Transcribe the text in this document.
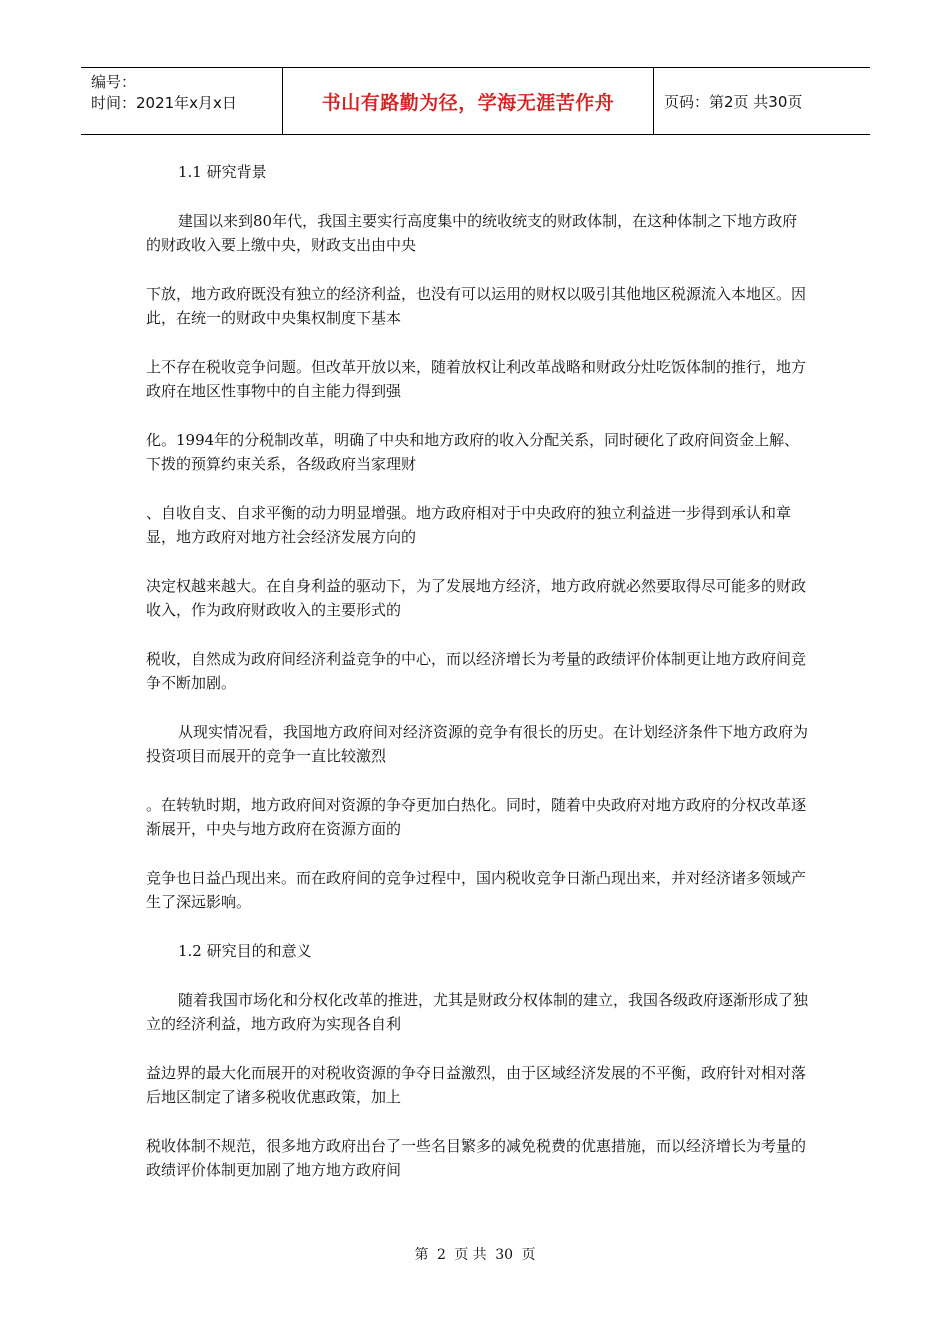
编号：
时间：2021年x月x日	书山有路勤为径，学海无涯苦作舟	页码：第2页 共30页
1.1 研究背景

建国以来到80年代，我国主要实行高度集中的统收统支的财政体制，在这种体制之下地方政府的财政收入要上缴中央，财政支出由中央

下放，地方政府既没有独立的经济利益，也没有可以运用的财权以吸引其他地区税源流入本地区。因此，在统一的财政中央集权制度下基本

上不存在税收竞争问题。但改革开放以来，随着放权让利改革战略和财政分灶吃饭体制的推行，地方政府在地区性事物中的自主能力得到强

化。1994年的分税制改革，明确了中央和地方政府的收入分配关系，同时硬化了政府间资金上解、下拨的预算约束关系，各级政府当家理财

、自收自支、自求平衡的动力明显增强。地方政府相对于中央政府的独立利益进一步得到承认和章显，地方政府对地方社会经济发展方向的

决定权越来越大。在自身利益的驱动下，为了发展地方经济，地方政府就必然要取得尽可能多的财政收入，作为政府财政收入的主要形式的

税收，自然成为政府间经济利益竞争的中心，而以经济增长为考量的政绩评价体制更让地方政府间竞争不断加剧。

从现实情况看，我国地方政府间对经济资源的竞争有很长的历史。在计划经济条件下地方政府为投资项目而展开的竞争一直比较激烈

。在转轨时期，地方政府间对资源的争夺更加白热化。同时，随着中央政府对地方政府的分权改革逐渐展开，中央与地方政府在资源方面的

竞争也日益凸现出来。而在政府间的竞争过程中，国内税收竞争日渐凸现出来，并对经济诸多领域产生了深远影响。

1.2 研究目的和意义

随着我国市场化和分权化改革的推进，尤其是财政分权体制的建立，我国各级政府逐渐形成了独立的经济利益，地方政府为实现各自利

益边界的最大化而展开的对税收资源的争夺日益激烈，由于区域经济发展的不平衡，政府针对相对落后地区制定了诸多税收优惠政策，加上

税收体制不规范，很多地方政府出台了一些名目繁多的减免税费的优惠措施，而以经济增长为考量的政绩评价体制更加剧了地方地方政府间

第 2 页 共 30 页
